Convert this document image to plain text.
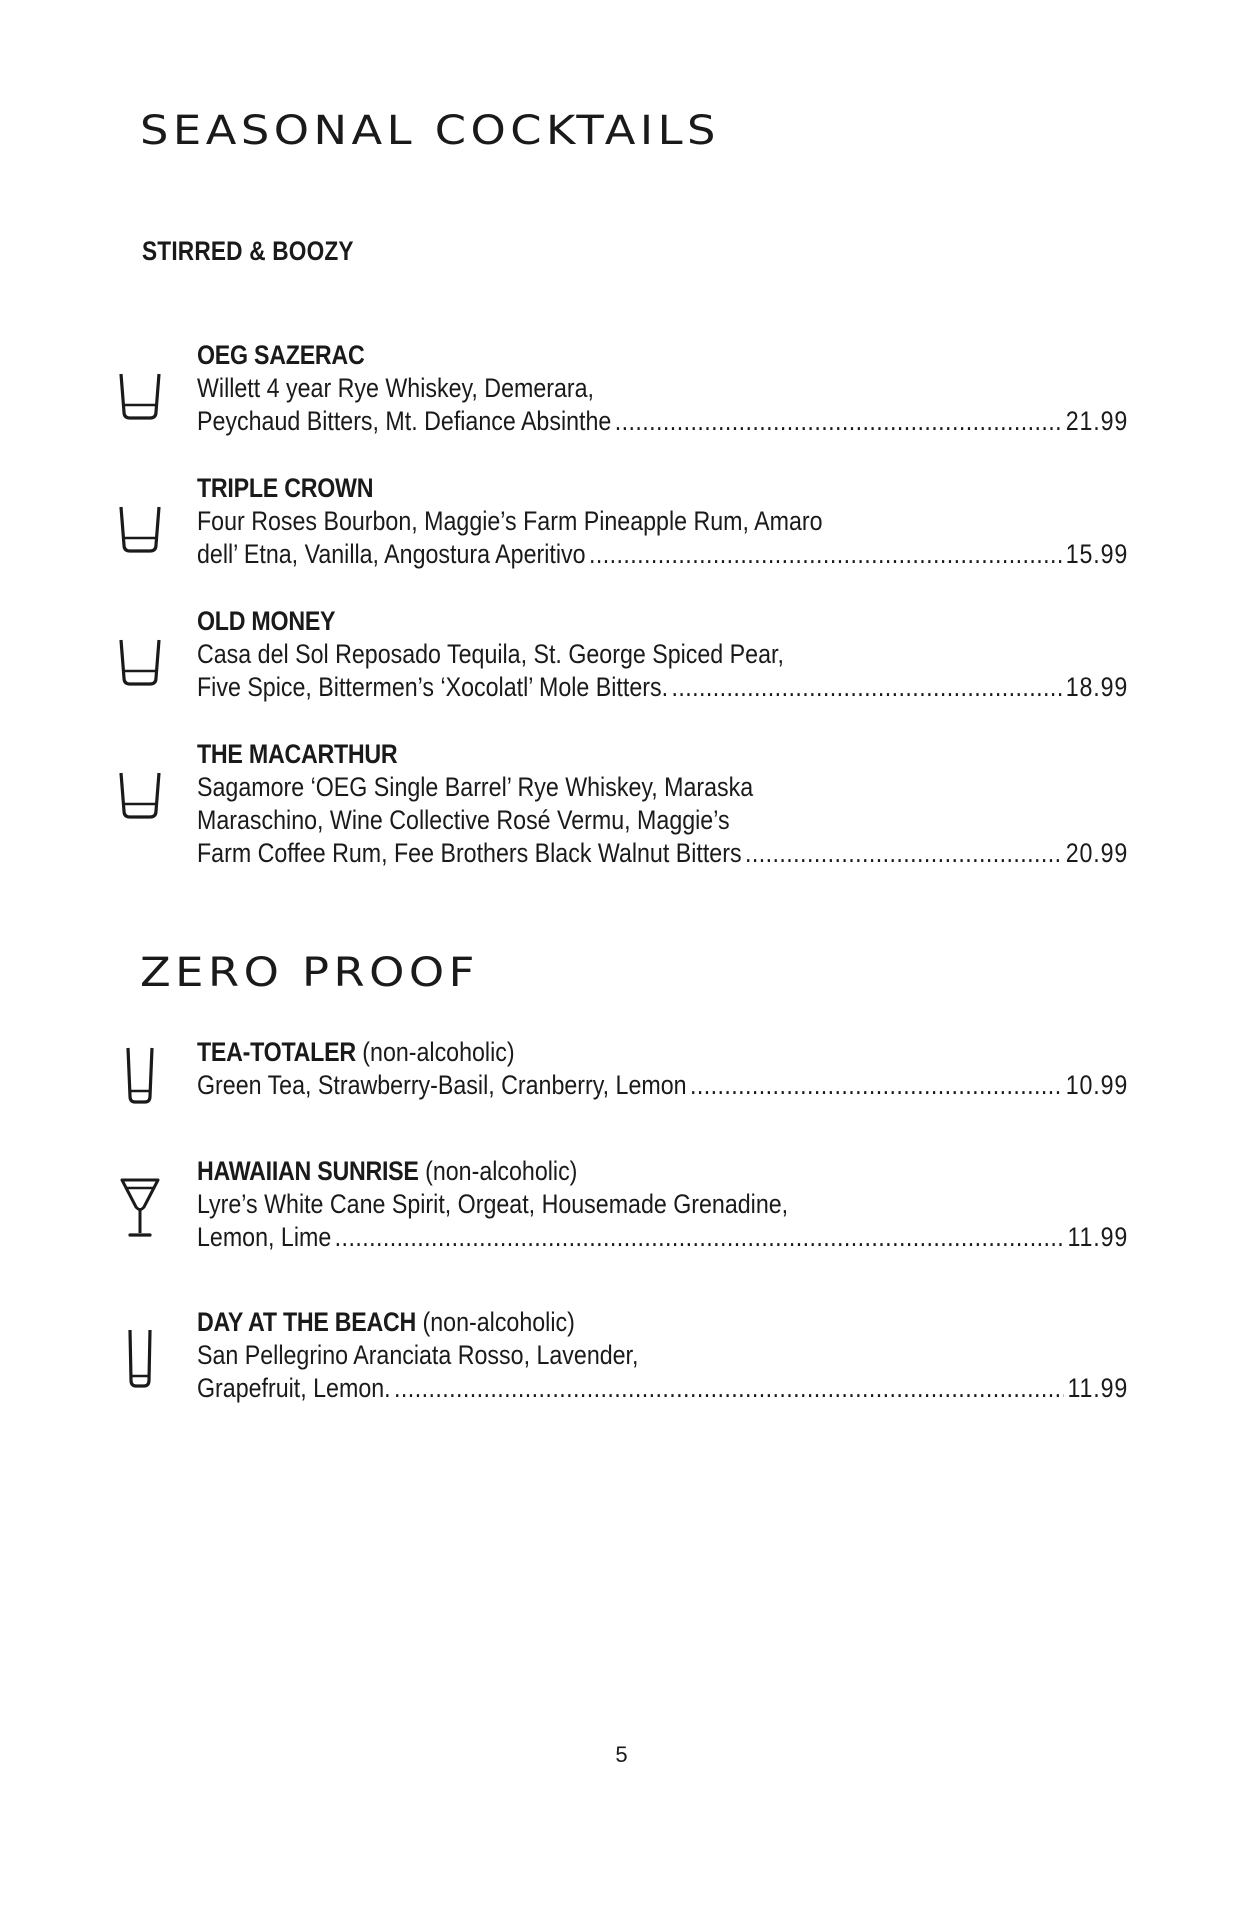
SEASONAL COCKTAILS
STIRRED & BOOZY
OEG SAZERAC
Willett 4 year Rye Whiskey, Demerara,
Peychaud Bitters, Mt. Defiance Absinthe .....	21.99
TRIPLE CROWN
Four Roses Bourbon, Maggie’s Farm Pineapple Rum, Amaro
dell’ Etna, Vanilla, Angostura Aperitivo .....	15.99
OLD MONEY
Casa del Sol Reposado Tequila, St. George Spiced Pear,
Five Spice, Bittermen’s ‘Xocolatl’ Mole Bitters. .....	18.99
THE MACARTHUR
Sagamore ‘OEG Single Barrel’ Rye Whiskey, Maraska
Maraschino, Wine Collective Rosé Vermu, Maggie’s
Farm Coffee Rum, Fee Brothers Black Walnut Bitters .....	20.99
ZERO PROOF
TEA-TOTALER (non-alcoholic)
Green Tea, Strawberry-Basil, Cranberry, Lemon .....	10.99
HAWAIIAN SUNRISE (non-alcoholic)
Lyre’s White Cane Spirit, Orgeat, Housemade Grenadine,
Lemon, Lime .....	11.99
DAY AT THE BEACH (non-alcoholic)
San Pellegrino Aranciata Rosso, Lavender,
Grapefruit, Lemon. .....	11.99
5
